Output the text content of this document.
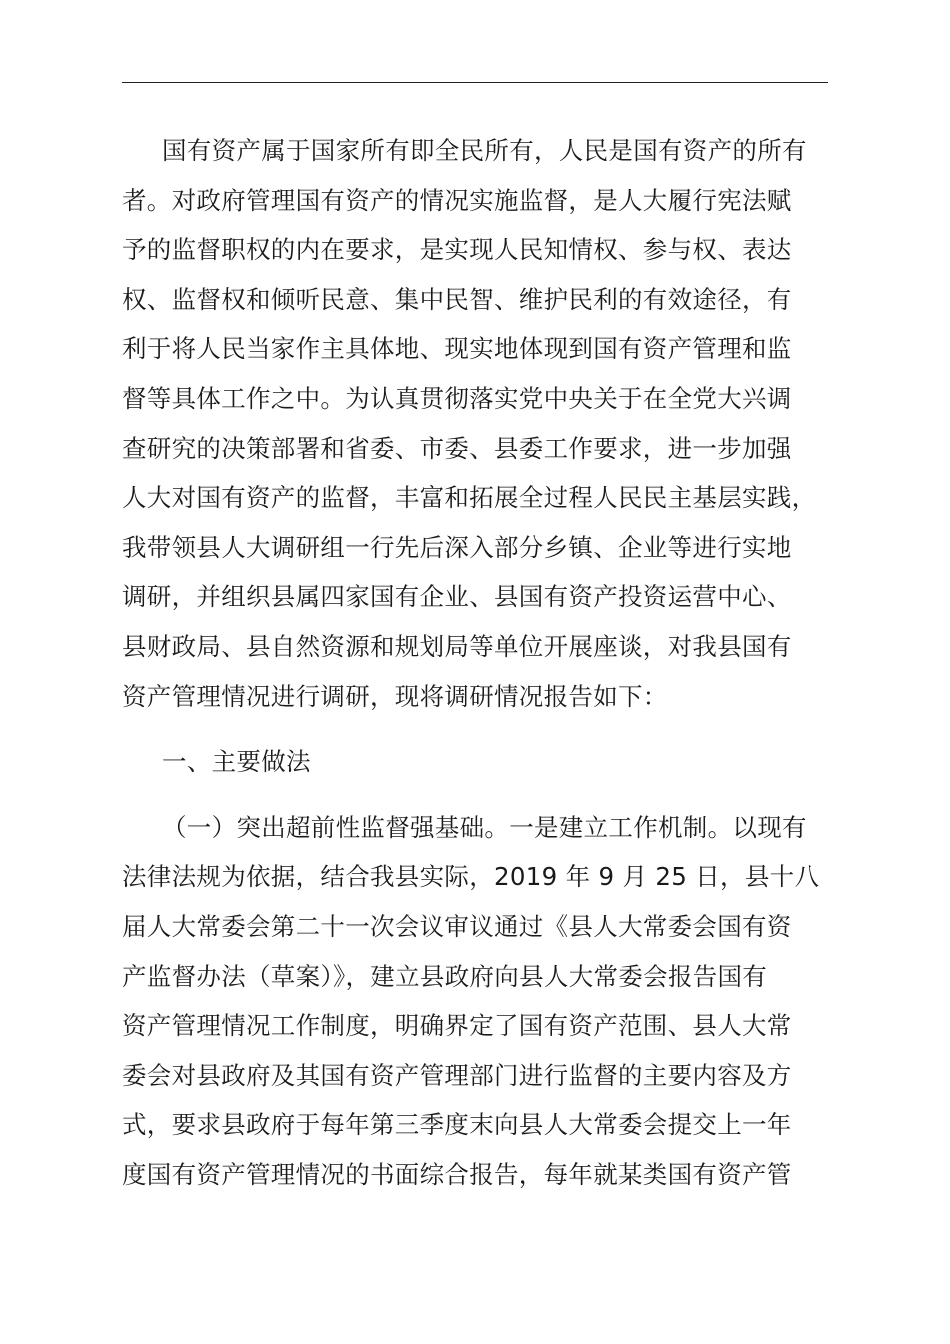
国有资产属于国家所有即全民所有，人民是国有资产的所有
者。对政府管理国有资产的情况实施监督，是人大履行宪法赋
予的监督职权的内在要求，是实现人民知情权、参与权、表达
权、监督权和倾听民意、集中民智、维护民利的有效途径，有
利于将人民当家作主具体地、现实地体现到国有资产管理和监
督等具体工作之中。为认真贯彻落实党中央关于在全党大兴调
查研究的决策部署和省委、市委、县委工作要求，进一步加强
人大对国有资产的监督，丰富和拓展全过程人民民主基层实践，
我带领县人大调研组一行先后深入部分乡镇、企业等进行实地
调研，并组织县属四家国有企业、县国有资产投资运营中心、
县财政局、县自然资源和规划局等单位开展座谈，对我县国有
资产管理情况进行调研，现将调研情况报告如下：
一、主要做法
（一）突出超前性监督强基础。一是建立工作机制。以现有
法律法规为依据，结合我县实际，2019 年 9 月 25 日，县十八
届人大常委会第二十一次会议审议通过《县人大常委会国有资
产监督办法（草案）》，建立县政府向县人大常委会报告国有
资产管理情况工作制度，明确界定了国有资产范围、县人大常
委会对县政府及其国有资产管理部门进行监督的主要内容及方
式，要求县政府于每年第三季度末向县人大常委会提交上一年
度国有资产管理情况的书面综合报告，每年就某类国有资产管
